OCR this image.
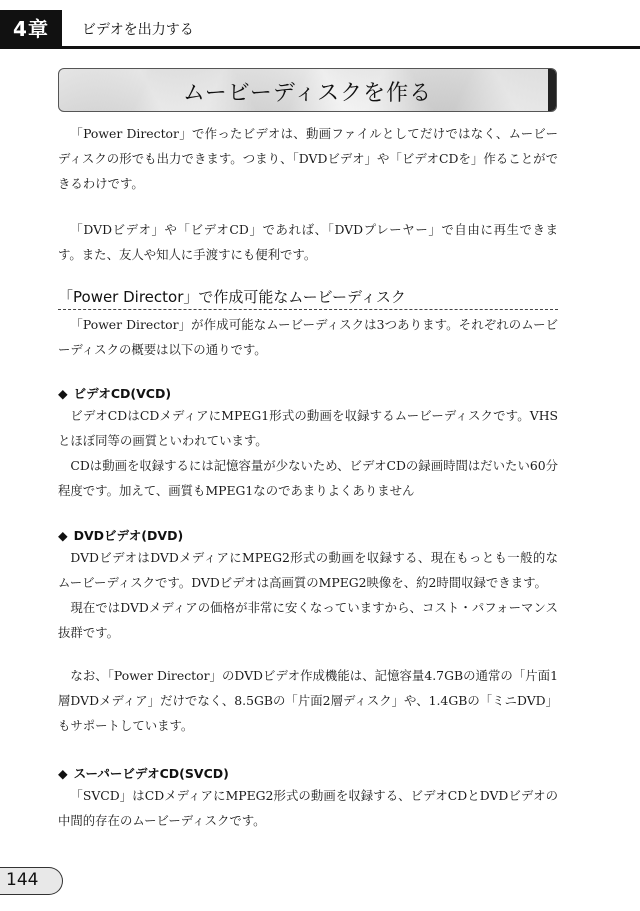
4章	ビデオを出力する
ムービーディスクを作る

「Power Director」で作ったビデオは、動画ファイルとしてだけではなく、ムービーディスクの形でも出力できます。つまり、「DVDビデオ」や「ビデオCDを」作ることができるわけです。

「DVDビデオ」や「ビデオCD」であれば、「DVDプレーヤー」で自由に再生できます。また、友人や知人に手渡すにも便利です。

「Power Director」で作成可能なムービーディスク

「Power Director」が作成可能なムービーディスクは3つあります。それぞれのムービーディスクの概要は以下の通りです。

◆ ビデオCD(VCD)

ビデオCDはCDメディアにMPEG1形式の動画を収録するムービーディスクです。VHSとほぼ同等の画質といわれています。

CDは動画を収録するには記憶容量が少ないため、ビデオCDの録画時間はだいたい60分程度です。加えて、画質もMPEG1なのであまりよくありません

◆ DVDビデオ(DVD)

DVDビデオはDVDメディアにMPEG2形式の動画を収録する、現在もっとも一般的なムービーディスクです。DVDビデオは高画質のMPEG2映像を、約2時間収録できます。

現在ではDVDメディアの価格が非常に安くなっていますから、コスト・パフォーマンス抜群です。

なお、「Power Director」のDVDビデオ作成機能は、記憶容量4.7GBの通常の「片面1層DVDメディア」だけでなく、8.5GBの「片面2層ディスク」や、1.4GBの「ミニDVD」もサポートしています。

◆ スーパービデオCD(SVCD)

「SVCD」はCDメディアにMPEG2形式の動画を収録する、ビデオCDとDVDビデオの中間的存在のムービーディスクです。

144
